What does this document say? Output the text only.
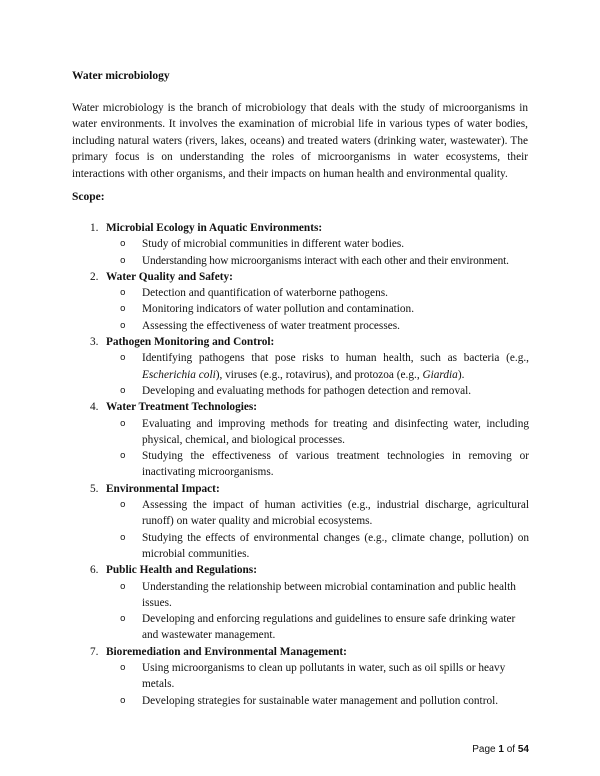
Water microbiology

Water microbiology is the branch of microbiology that deals with the study of microorganisms in water environments. It involves the examination of microbial life in various types of water bodies, including natural waters (rivers, lakes, oceans) and treated waters (drinking water, wastewater). The primary focus is on understanding the roles of microorganisms in water ecosystems, their interactions with other organisms, and their impacts on human health and environmental quality.

Scope:
1. Microbial Ecology in Aquatic Environments:
o Study of microbial communities in different water bodies.
o Understanding how microorganisms interact with each other and their environment.
2. Water Quality and Safety:
o Detection and quantification of waterborne pathogens.
o Monitoring indicators of water pollution and contamination.
o Assessing the effectiveness of water treatment processes.
3. Pathogen Monitoring and Control:
o Identifying pathogens that pose risks to human health, such as bacteria (e.g., Escherichia coli), viruses (e.g., rotavirus), and protozoa (e.g., Giardia).
o Developing and evaluating methods for pathogen detection and removal.
4. Water Treatment Technologies:
o Evaluating and improving methods for treating and disinfecting water, including physical, chemical, and biological processes.
o Studying the effectiveness of various treatment technologies in removing or inactivating microorganisms.
5. Environmental Impact:
o Assessing the impact of human activities (e.g., industrial discharge, agricultural runoff) on water quality and microbial ecosystems.
o Studying the effects of environmental changes (e.g., climate change, pollution) on microbial communities.
6. Public Health and Regulations:
o Understanding the relationship between microbial contamination and public health issues.
o Developing and enforcing regulations and guidelines to ensure safe drinking water and wastewater management.
7. Bioremediation and Environmental Management:
o Using microorganisms to clean up pollutants in water, such as oil spills or heavy metals.
o Developing strategies for sustainable water management and pollution control.

Page 1 of 54
